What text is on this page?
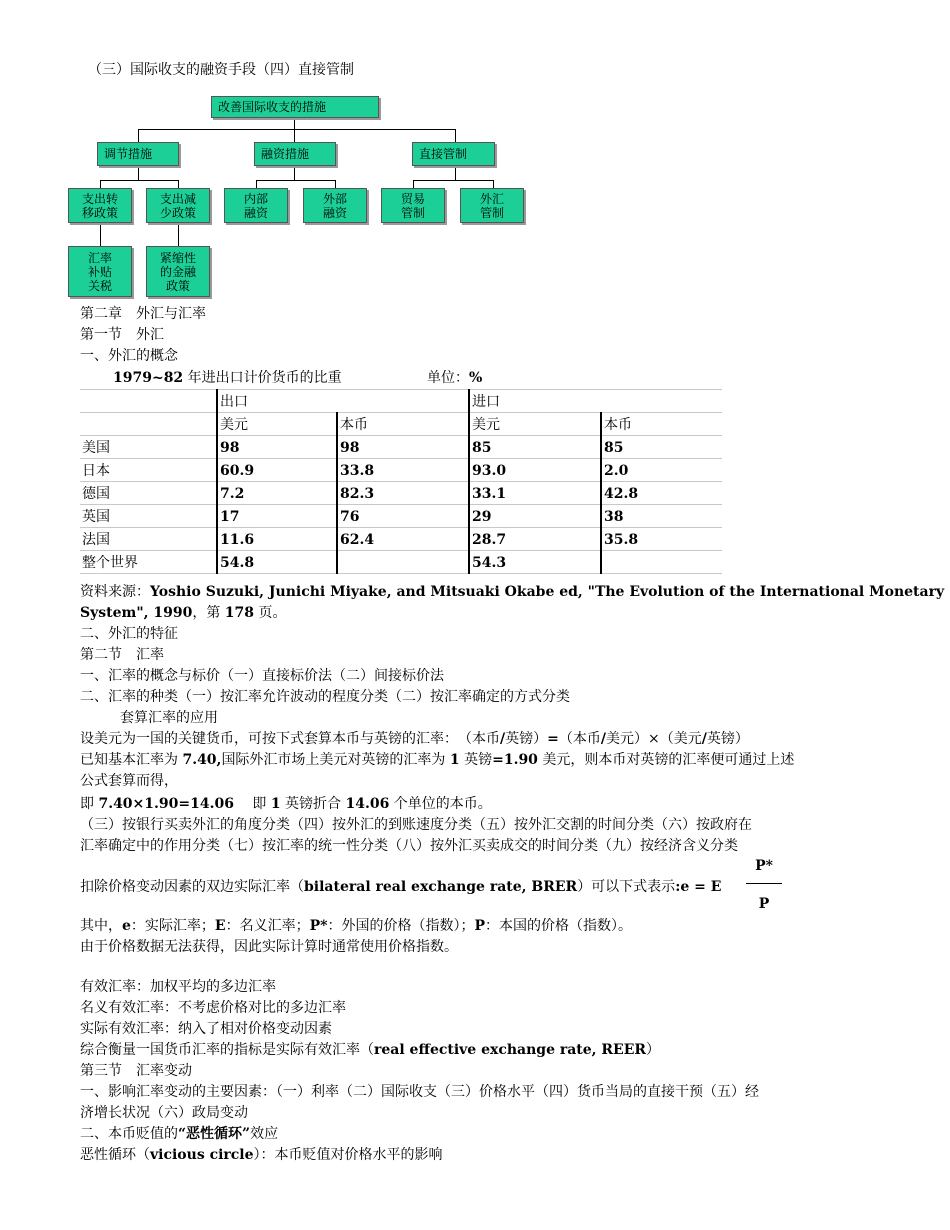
（三）国际收支的融资手段（四）直接管制
改善国际收支的措施
调节措施	融资措施	直接管制
支出转
移政策
支出减
少政策
内部
融资
外部
融资
贸易
管制
外汇
管制
汇率
补贴
关税
紧缩性
的金融
政策
第二章　外汇与汇率
第一节　外汇
一、外汇的概念
1979~82 年进出口计价货币的比重	单位：%
	出口		进口	
	美元	本币	美元	本币
美国	98	98	85	85
日本	60.9	33.8	93.0	2.0
德国	7.2	82.3	33.1	42.8
英国	17	76	29	38
法国	11.6	62.4	28.7	35.8
整个世界	54.8		54.3	
资料来源：Yoshio Suzuki, Junichi Miyake, and Mitsuaki Okabe ed, "The Evolution of the International Monetary
System", 1990，第 178 页。
二、外汇的特征
第二节　汇率
一、汇率的概念与标价（一）直接标价法（二）间接标价法
二、汇率的种类（一）按汇率允许波动的程度分类（二）按汇率确定的方式分类
套算汇率的应用
设美元为一国的关键货币，可按下式套算本币与英镑的汇率：　（本币/英镑）=（本币/美元）×（美元/英镑）
已知基本汇率为 7.40,国际外汇市场上美元对英镑的汇率为 1 英镑=1.90 美元，则本币对英镑的汇率便可通过上述
公式套算而得，
即 7.40×1.90=14.06　 即 1 英镑折合 14.06 个单位的本币。
（三）按银行买卖外汇的角度分类（四）按外汇的到账速度分类（五）按外汇交割的时间分类（六）按政府在
汇率确定中的作用分类（七）按汇率的统一性分类（八）按外汇买卖成交的时间分类（九）按经济含义分类
扣除价格变动因素的双边实际汇率（bilateral real exchange rate, BRER）可以下式表示:e = E
P*
P
其中，e：实际汇率；E：名义汇率；P*：外国的价格（指数）；P：本国的价格（指数）。
由于价格数据无法获得，因此实际计算时通常使用价格指数。
有效汇率：加权平均的多边汇率
名义有效汇率：不考虑价格对比的多边汇率
实际有效汇率：纳入了相对价格变动因素
综合衡量一国货币汇率的指标是实际有效汇率（real effective exchange rate, REER）
第三节　汇率变动
一、影响汇率变动的主要因素：（一）利率（二）国际收支（三）价格水平（四）货币当局的直接干预（五）经
济增长状况（六）政局变动
二、本币贬值的“恶性循环”效应
恶性循环（vicious circle）：本币贬值对价格水平的影响
